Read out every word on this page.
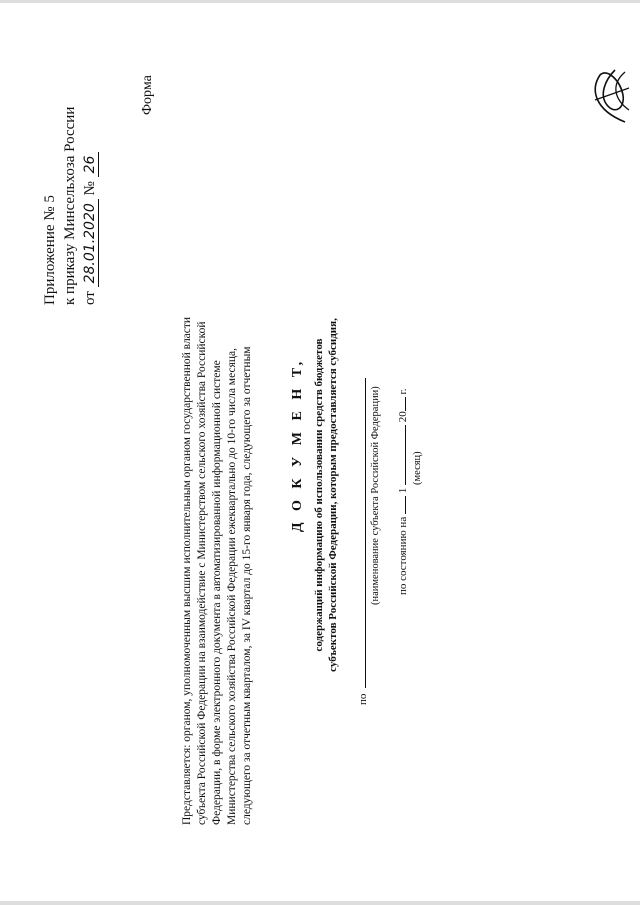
Приложение № 5 к приказу Минсельхоза России от 28.01.2020 № 26
Форма
Представляется: органом, уполномоченным высшим исполнительным органом государственной власти субъекта Российской Федерации на взаимодействие с Министерством сельского хозяйства Российской Федерации, в форме электронного документа в автоматизированной информационной системе Министерства сельского хозяйства Российской Федерации ежеквартально до 10-го числа месяца, следующего за отчетным кварталом, за IV квартал до 15-го января года, следующего за отчетным	Д О К У М Е Н Т, содержащий информацию об использовании средств бюджетов субъектов Российской Федерации, которым предоставляется субсидия,
по
(наименование субъекта Российской Федерации) по состоянию на  1  20 г.
(месяц)
